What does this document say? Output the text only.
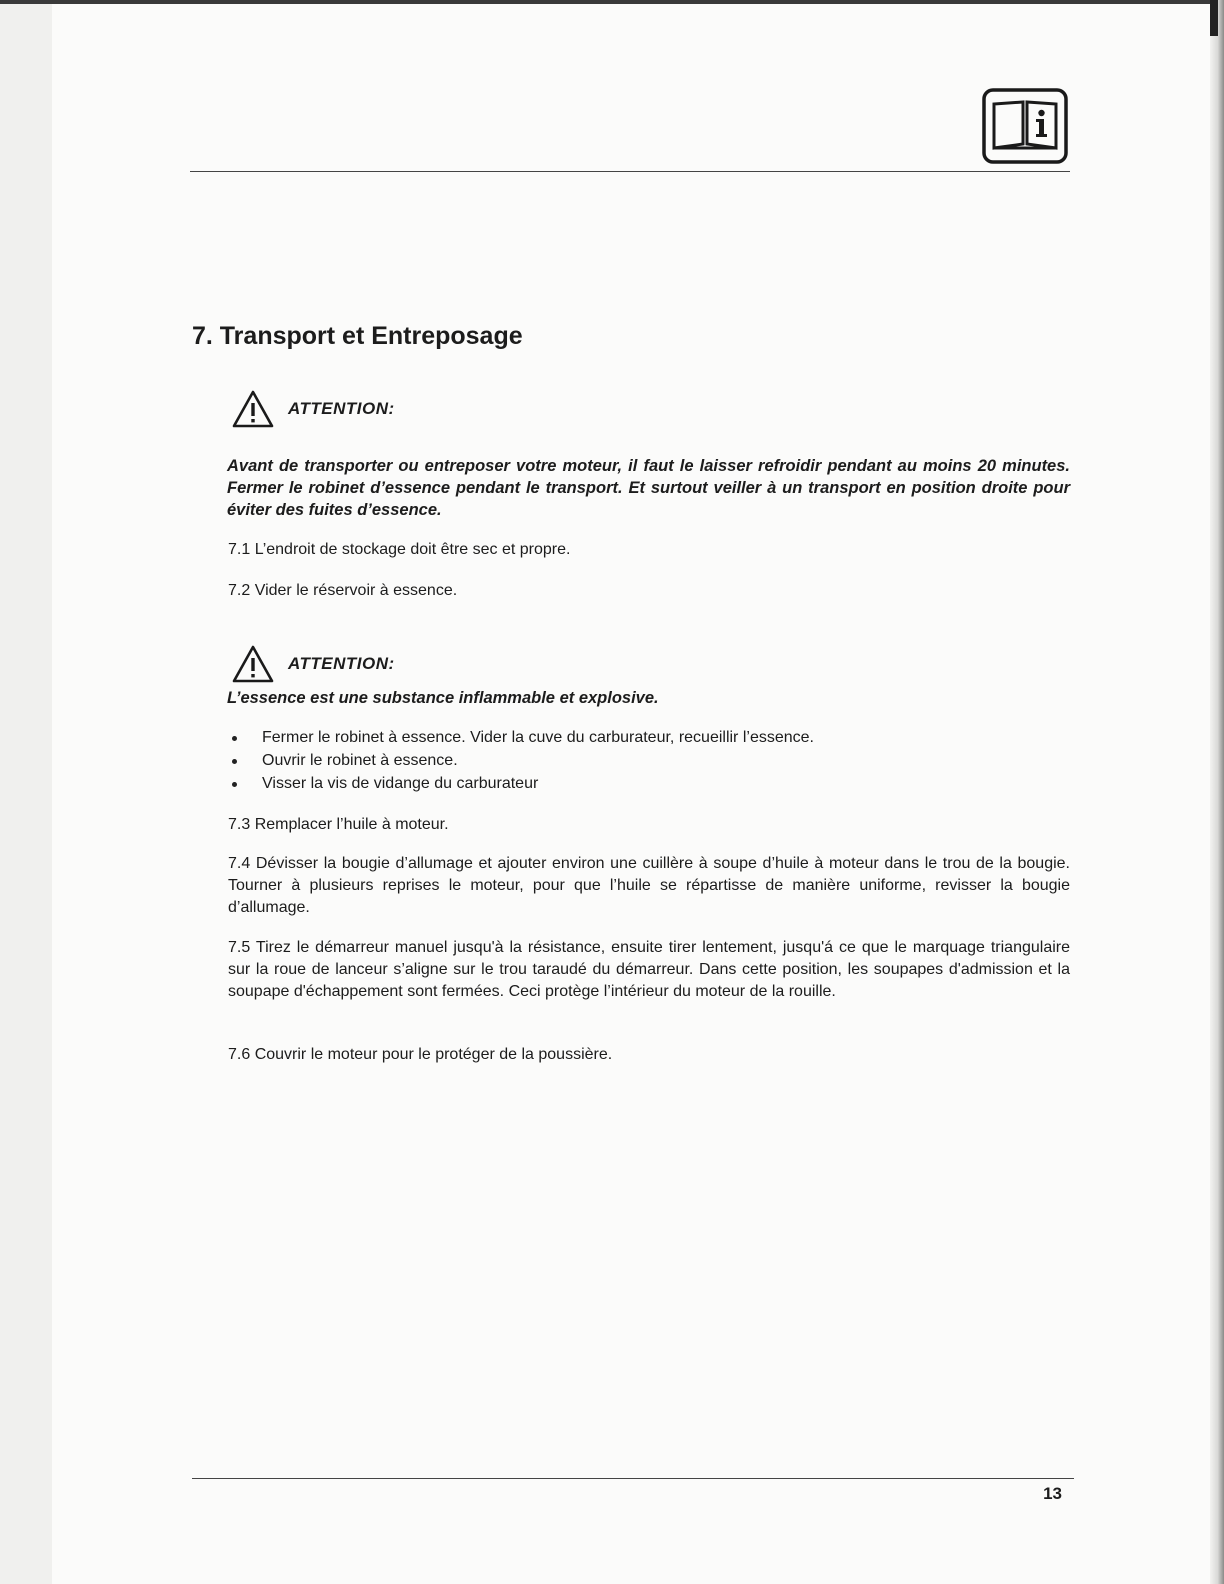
7. Transport et Entreposage
ATTENTION:

Avant de transporter ou entreposer votre moteur, il faut le laisser refroidir pendant au moins 20 minutes. Fermer le robinet d’essence pendant le transport. Et surtout veiller à un transport en position droite pour éviter des fuites d’essence.

7.1 L’endroit de stockage doit être sec et propre.

7.2 Vider le réservoir à essence.

ATTENTION:

L’essence est une substance inflammable et explosive.

Fermer le robinet à essence. Vider la cuve du carburateur, recueillir l’essence.
Ouvrir le robinet à essence.
Visser la vis de vidange du carburateur

7.3 Remplacer l’huile à moteur.

7.4 Dévisser la bougie d’allumage et ajouter environ une cuillère à soupe d’huile à moteur dans le trou de la bougie. Tourner à plusieurs reprises le moteur, pour que l’huile se répartisse de manière uniforme, revisser la bougie d’allumage.

7.5 Tirez le démarreur manuel jusqu'à la résistance, ensuite tirer lentement, jusqu'á ce que le marquage triangulaire sur la roue de lanceur s’aligne sur le trou taraudé du démarreur. Dans cette position, les soupapes d'admission et la soupape d'échappement sont fermées. Ceci protège l’intérieur du moteur de la rouille.

7.6 Couvrir le moteur pour le protéger de la poussière.

13
